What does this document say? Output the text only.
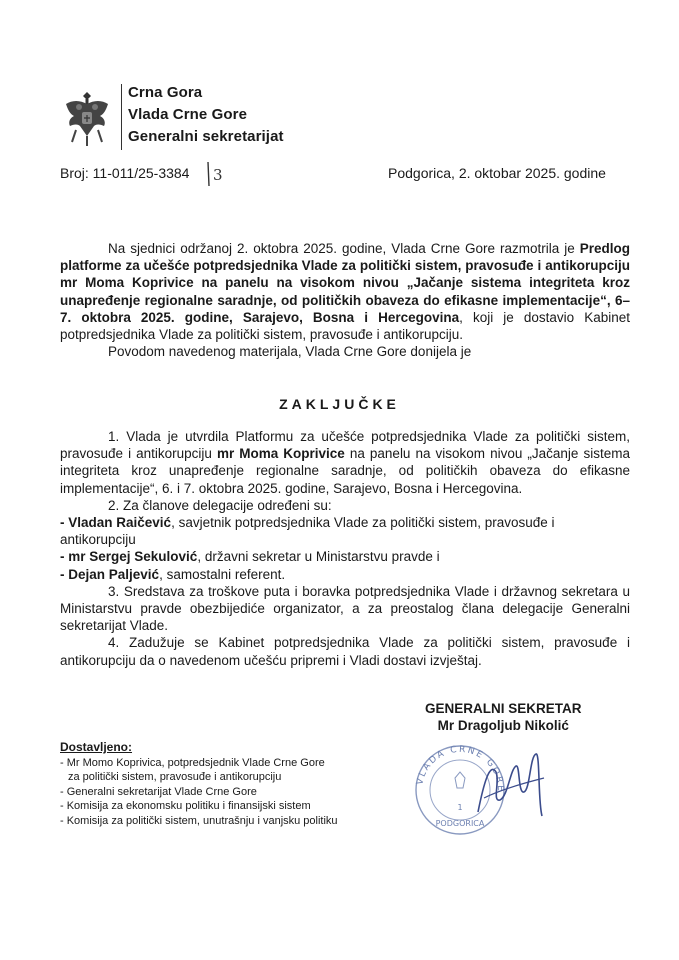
Crna Gora
Vlada Crne Gore
Generalni sekretarijat
Broj: 11-011/25-3384 3	Podgorica, 2. oktobar 2025. godine

Na sjednici održanoj 2. oktobra 2025. godine, Vlada Crne Gore razmotrila je Predlog platforme za učešće potpredsjednika Vlade za politički sistem, pravosuđe i antikorupciju mr Moma Koprivice na panelu na visokom nivou „Jačanje sistema integriteta kroz unapređenje regionalne saradnje, od političkih obaveza do efikasne implementacije“, 6–7. oktobra 2025. godine, Sarajevo, Bosna i Hercegovina, koji je dostavio Kabinet potpredsjednika Vlade za politički sistem, pravosuđe i antikorupciju.

Povodom navedenog materijala, Vlada Crne Gore donijela je

ZAKLJUČKE

1. Vlada je utvrdila Platformu za učešće potpredsjednika Vlade za politički sistem, pravosuđe i antikorupciju mr Moma Koprivice na panelu na visokom nivou „Jačanje sistema integriteta kroz unapređenje regionalne saradnje, od političkih obaveza do efikasne implementacije“, 6. i 7. oktobra 2025. godine, Sarajevo, Bosna i Hercegovina.

2. Za članove delegacije određeni su:

- Vladan Raičević, savjetnik potpredsjednika Vlade za politički sistem, pravosuđe i antikorupciju

- mr Sergej Sekulović, državni sekretar u Ministarstvu pravde i

- Dejan Paljević, samostalni referent.

3. Sredstava za troškove puta i boravka potpredsjednika Vlade i državnog sekretara u Ministarstvu pravde obezbijediće organizator, a za preostalog člana delegacije Generalni sekretarijat Vlade.

4. Zadužuje se Kabinet potpredsjednika Vlade za politički sistem, pravosuđe i antikorupciju da o navedenom učešću pripremi i Vladi dostavi izvještaj.

GENERALNI SEKRETAR
Mr Dragoljub Nikolić
VLADA CRNE GORE
1
PODGORICA
Dostavljeno:
- Mr Momo Koprivica, potpredsjednik Vlade Crne Gore
za politički sistem, pravosuđe i antikorupciju
- Generalni sekretarijat Vlade Crne Gore
- Komisija za ekonomsku politiku i finansijski sistem
- Komisija za politički sistem, unutrašnju i vanjsku politiku
